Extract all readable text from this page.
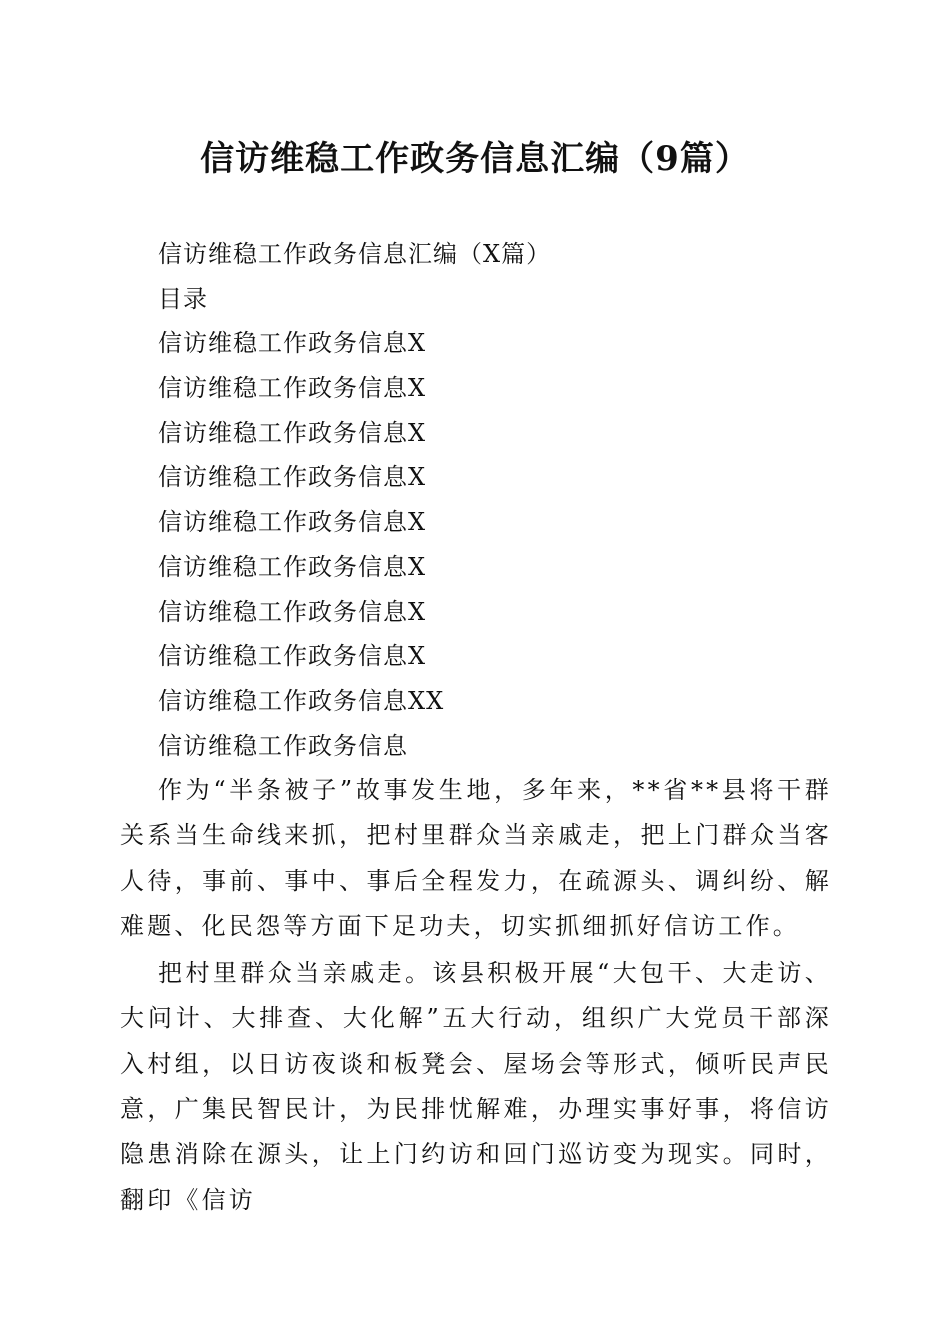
信访维稳工作政务信息汇编（9篇）
信访维稳工作政务信息汇编（X篇）
目录
信访维稳工作政务信息X
信访维稳工作政务信息X
信访维稳工作政务信息X
信访维稳工作政务信息X
信访维稳工作政务信息X
信访维稳工作政务信息X
信访维稳工作政务信息X
信访维稳工作政务信息X
信访维稳工作政务信息XX
信访维稳工作政务信息

作为“半条被子”故事发生地，多年来，**省**县将干群关系当生命线来抓，把村里群众当亲戚走，把上门群众当客人待，事前、事中、事后全程发力，在疏源头、调纠纷、解难题、化民怨等方面下足功夫，切实抓细抓好信访工作。

把村里群众当亲戚走。该县积极开展“大包干、大走访、大问计、大排查、大化解”五大行动，组织广大党员干部深入村组，以日访夜谈和板凳会、屋场会等形式，倾听民声民意，广集民智民计，为民排忧解难，办理实事好事，将信访隐患消除在源头，让上门约访和回门巡访变为现实。同时，翻印《信访
